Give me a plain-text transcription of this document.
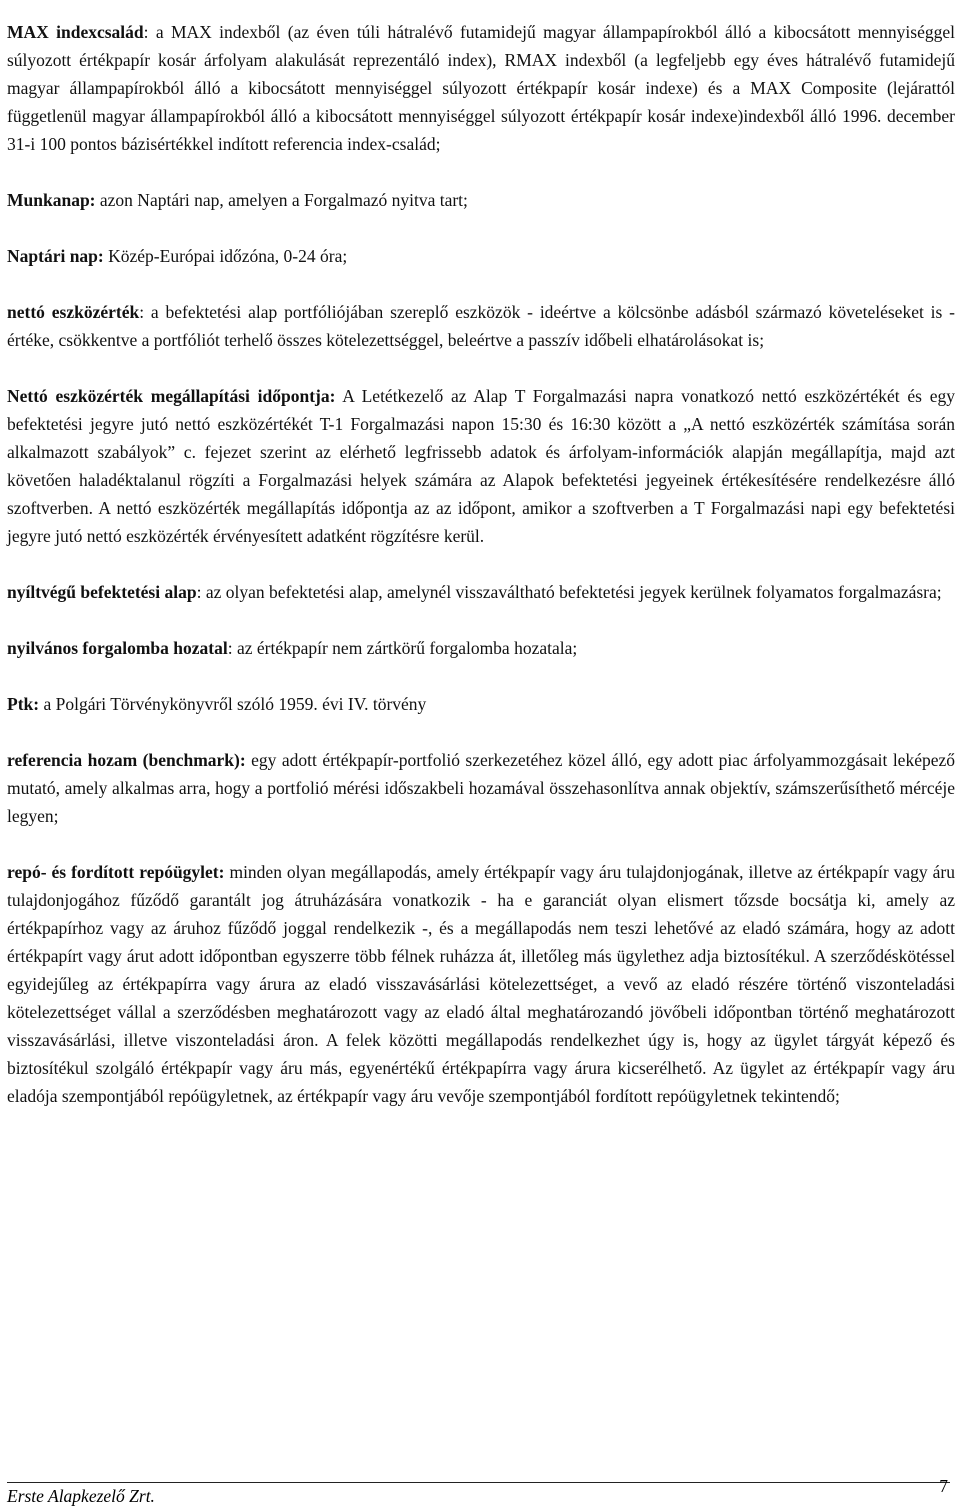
MAX indexcsalád: a MAX indexből (az éven túli hátralévő futamidejű magyar állampapírokból álló a kibocsátott mennyiséggel súlyozott értékpapír kosár árfolyam alakulását reprezentáló index), RMAX indexből (a legfeljebb egy éves hátralévő futamidejű magyar állampapírokból álló a kibocsátott mennyiséggel súlyozott értékpapír kosár indexe) és a MAX Composite (lejárattól függetlenül magyar állampapírokból álló a kibocsátott mennyiséggel súlyozott értékpapír kosár indexe)indexből álló 1996. december 31-i 100 pontos bázisértékkel indított referencia index-család;

Munkanap: azon Naptári nap, amelyen a Forgalmazó nyitva tart;

Naptári nap: Közép-Európai időzóna, 0-24 óra;

nettó eszközérték: a befektetési alap portfóliójában szereplő eszközök - ideértve a kölcsönbe adásból származó követeléseket is - értéke, csökkentve a portfóliót terhelő összes kötelezettséggel, beleértve a passzív időbeli elhatárolásokat is;

Nettó eszközérték megállapítási időpontja: A Letétkezelő az Alap T Forgalmazási napra vonatkozó nettó eszközértékét és egy befektetési jegyre jutó nettó eszközértékét T-1 Forgalmazási napon 15:30 és 16:30 között a „A nettó eszközérték számítása során alkalmazott szabályok” c. fejezet szerint az elérhető legfrissebb adatok és árfolyam-információk alapján megállapítja, majd azt követően haladéktalanul rögzíti a Forgalmazási helyek számára az Alapok befektetési jegyeinek értékesítésére rendelkezésre álló szoftverben. A nettó eszközérték megállapítás időpontja az az időpont, amikor a szoftverben a T Forgalmazási napi egy befektetési jegyre jutó nettó eszközérték érvényesített adatként rögzítésre kerül.

nyíltvégű befektetési alap: az olyan befektetési alap, amelynél visszaváltható befektetési jegyek kerülnek folyamatos forgalmazásra;

nyilvános forgalomba hozatal: az értékpapír nem zártkörű forgalomba hozatala;

Ptk: a Polgári Törvénykönyvről szóló 1959. évi IV. törvény

referencia hozam (benchmark): egy adott értékpapír-portfolió szerkezetéhez közel álló, egy adott piac árfolyammozgásait leképező mutató, amely alkalmas arra, hogy a portfolió mérési időszakbeli hozamával összehasonlítva annak objektív, számszerűsíthető mércéje legyen;

repó- és fordított repóügylet: minden olyan megállapodás, amely értékpapír vagy áru tulajdonjogának, illetve az értékpapír vagy áru tulajdonjogához fűződő garantált jog átruházására vonatkozik - ha e garanciát olyan elismert tőzsde bocsátja ki, amely az értékpapírhoz vagy az áruhoz fűződő joggal rendelkezik -, és a megállapodás nem teszi lehetővé az eladó számára, hogy az adott értékpapírt vagy árut adott időpontban egyszerre több félnek ruházza át, illetőleg más ügylethez adja biztosítékul. A szerződéskötéssel egyidejűleg az értékpapírra vagy árura az eladó visszavásárlási kötelezettséget, a vevő az eladó részére történő viszonteladási kötelezettséget vállal a szerződésben meghatározott vagy az eladó által meghatározandó jövőbeli időpontban történő meghatározott visszavásárlási, illetve viszonteladási áron. A felek közötti megállapodás rendelkezhet úgy is, hogy az ügylet tárgyát képező és biztosítékul szolgáló értékpapír vagy áru más, egyenértékű értékpapírra vagy árura kicserélhető. Az ügylet az értékpapír vagy áru eladója szempontjából repóügyletnek, az értékpapír vagy áru vevője szempontjából fordított repóügyletnek tekintendő;

Erste Alapkezelő Zrt.	7
